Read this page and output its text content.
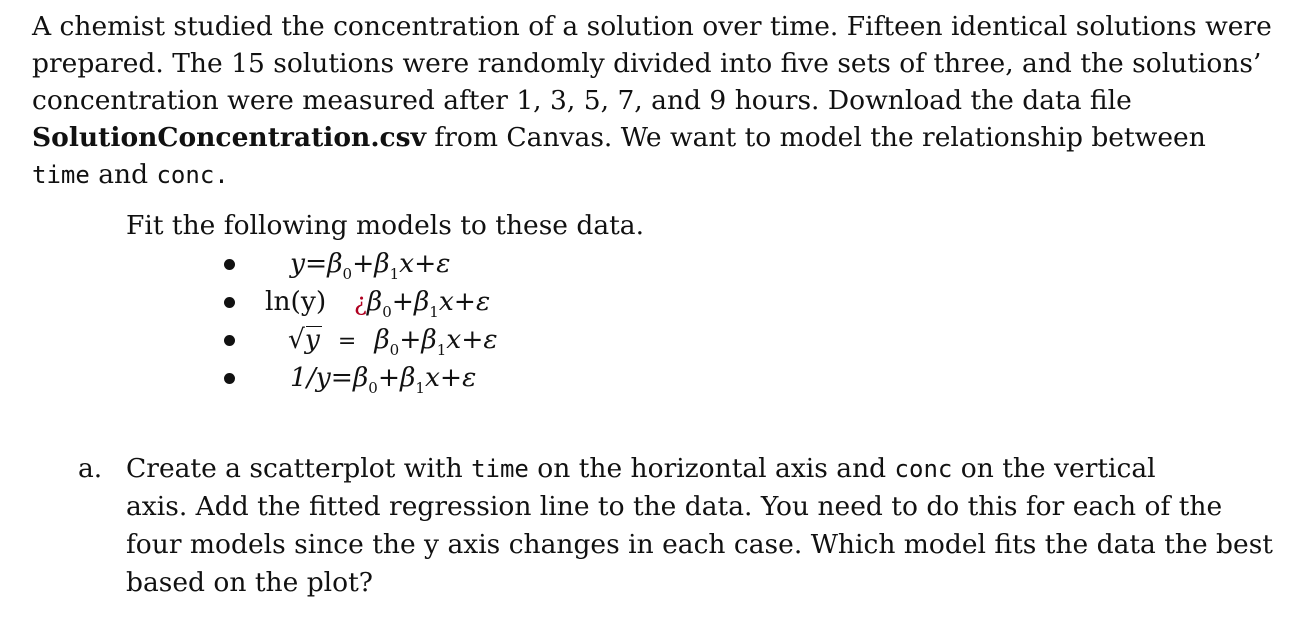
A chemist studied the concentration of a solution over time. Fifteen identical solutions were
prepared. The 15 solutions were randomly divided into five sets of three, and the solutions’
concentration were measured after 1, 3, 5, 7, and 9 hours. Download the data file
SolutionConcentration.csv from Canvas. We want to model the relationship between
time and conc.
Fit the following models to these data.
$y=\beta_0+\beta_1x+\varepsilon$
ln(y) ¿$\beta_0+\beta_1x+\varepsilon$
$√y = \beta_0+\beta_1x+\varepsilon$
$1/y=\beta_0+\beta_1x+\varepsilon$
a. Create a scatterplot with time on the horizontal axis and conc on the vertical
axis. Add the fitted regression line to the data. You need to do this for each of the
four models since the y axis changes in each case. Which model fits the data the best
based on the plot?
